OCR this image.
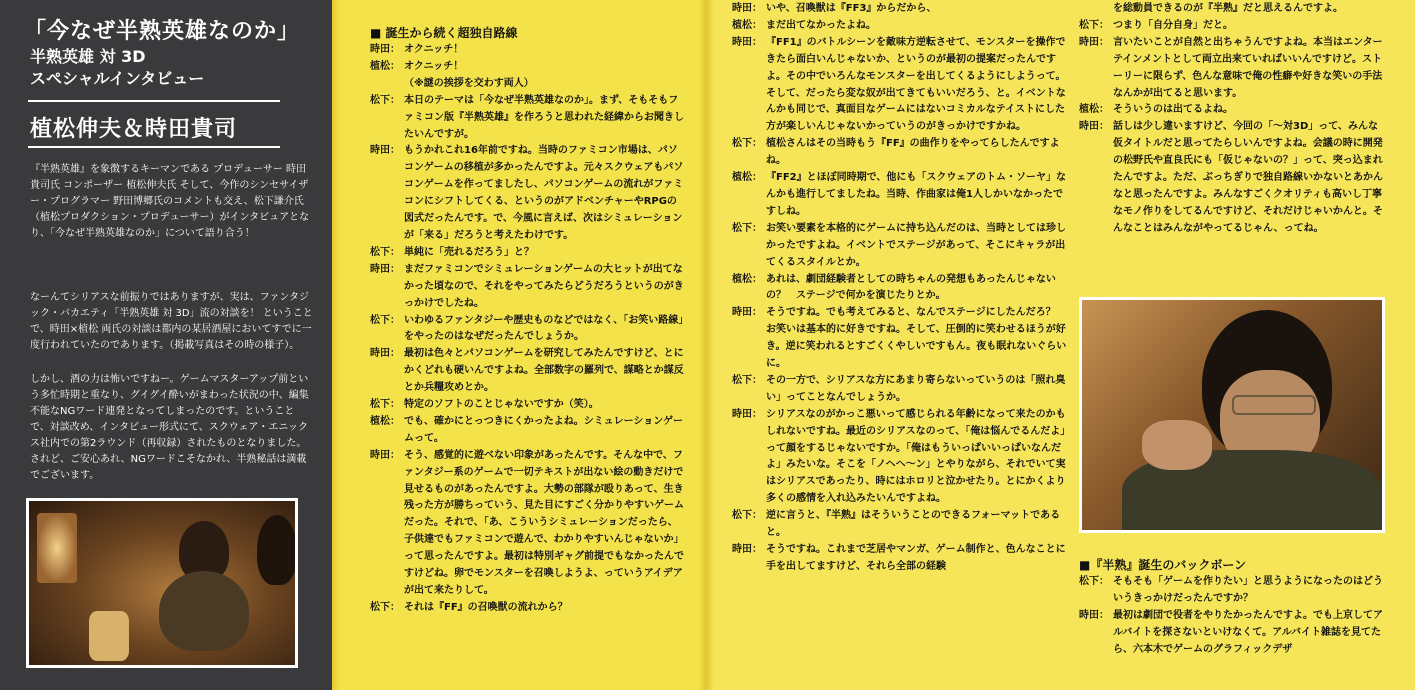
「今なぜ半熟英雄なのか」
半熟英雄 対 3D
スペシャルインタビュー
植松伸夫＆時田貴司

『半熟英雄』を象徴するキーマンである プロデューサー 時田貴司氏 コンポーザー 植松伸夫氏 そして、今作のシンセサイザー・プログラマー 野田博郷氏のコメントも交え、松下謙介氏（植松プロダクション・プロデューサー）がインタビュアとなり、「今なぜ半熟英雄なのか」について語り合う！

なーんてシリアスな前振りではありますが、実は、ファンタジック・バカエティ「半熟英雄 対 3D」流の対談を！ ということで、時田×植松 両氏の対談は都内の某居酒屋においてすでに一度行われていたのであります。（掲載写真はその時の様子）。

しかし、酒の力は怖いですねー。ゲームマスターアップ前という多忙時期と重なり、グイグイ酔いがまわった状況の中、編集不能なNGワード連発となってしまったのです。ということで、対談改め、インタビュー形式にて、スクウェア・エニックス社内での第2ラウンド（再収録）されたものとなりました。されど、ご安心あれ、NGワードこそなかれ、半熟秘話は満載でございます。

■ 誕生から続く超独自路線

時田： オクニッチ！
植松： オクニッチ！
（※謎の挨拶を交わす両人）
松下： 本日のテーマは「今なぜ半熟英雄なのか」。まず、そもそもファミコン版『半熟英雄』を作ろうと思われた経緯からお聞きしたいんですが。
時田： もうかれこれ16年前ですね。当時のファミコン市場は、パソコンゲームの移植が多かったんですよ。元々スクウェアもパソコンゲームを作ってましたし、パソコンゲームの流れがファミコンにシフトしてくる、というのがアドベンチャーやRPGの図式だったんです。で、今風に言えば、次はシミュレーションが「来る」だろうと考えたわけです。
松下： 単純に「売れるだろう」と？
時田： まだファミコンでシミュレーションゲームの大ヒットが出てなかった頃なので、それをやってみたらどうだろうというのがきっかけでしたね。
松下： いわゆるファンタジーや歴史ものなどではなく、「お笑い路線」をやったのはなぜだったんでしょうか。
時田： 最初は色々とパソコンゲームを研究してみたんですけど、とにかくどれも硬いんですよね。全部数字の羅列で、謀略とか謀反とか兵糧攻めとか。
松下： 特定のソフトのことじゃないですか（笑）。
植松： でも、確かにとっつきにくかったよね。シミュレーションゲームって。
時田： そう、感覚的に遊べない印象があったんです。そんな中で、ファンタジー系のゲームで一切テキストが出ない絵の動きだけで見せるものがあったんですよ。大勢の部隊が殴りあって、生き残った方が勝ちっていう、見た目にすごく分かりやすいゲームだった。それで、「あ、こういうシミュレーションだったら、子供達でもファミコンで遊んで、わかりやすいんじゃないか」って思ったんですよ。最初は特別ギャグ前提でもなかったんですけどね。卵でモンスターを召喚しようよ、っていうアイデアが出て来たりして。
松下： それは『FF』の召喚獣の流れから？
時田： いや、召喚獣は『FF3』からだから、
植松： まだ出てなかったよね。
時田： 『FF1』のバトルシーンを敵味方逆転させて、モンスターを操作できたら面白いんじゃないか、というのが最初の提案だったんですよ。その中でいろんなモンスターを出してくるようにしようって。そして、だったら変な奴が出てきてもいいだろう、と。イベントなんかも同じで、真面目なゲームにはないコミカルなテイストにした方が楽しいんじゃないかっていうのがきっかけですかね。
松下： 植松さんはその当時もう『FF』の曲作りをやってらしたんですよね。
植松： 『FF2』とほぼ同時期で、他にも「スクウェアのトム・ソーヤ」なんかも進行してましたね。当時、作曲家は俺1人しかいなかったですしね。
松下： お笑い要素を本格的にゲームに持ち込んだのは、当時としては珍しかったですよね。イベントでステージがあって、そこにキャラが出てくるスタイルとか。
植松： あれは、劇団経験者としての時ちゃんの発想もあったんじゃないの？　ステージで何かを演じたりとか。
時田： そうですね。でも考えてみると、なんでステージにしたんだろ？　お笑いは基本的に好きですね。そして、圧倒的に笑わせるほうが好き。逆に笑われるとすごくくやしいですもん。夜も眠れないぐらいに。
松下： その一方で、シリアスな方にあまり寄らないっていうのは「照れ臭い」ってことなんでしょうか。
時田： シリアスなのがかっこ悪いって感じられる年齢になって来たのかもしれないですね。最近のシリアスなのって、「俺は悩んでるんだよ」って顔をするじゃないですか。「俺はもういっぱいいっぱいなんだよ」みたいな。そこを「ノヘヘ〜ン」とやりながら、それでいて実はシリアスであったり、時にはホロリと泣かせたり。とにかくより多くの感情を入れ込みたいんですよね。
松下： 逆に言うと、『半熟』はそういうことのできるフォーマットであると。
時田： そうですね。これまで芝居やマンガ、ゲーム制作と、色んなことに手を出してますけど、それら全部の経験
を総動員できるのが『半熟』だと思えるんですよ。
松下： つまり「自分自身」だと。
時田： 言いたいことが自然と出ちゃうんですよね。本当はエンターテインメントとして両立出来ていればいいんですけど。ストーリーに限らず、色んな意味で俺の性癖や好きな笑いの手法なんかが出てると思います。
植松： そういうのは出てるよね。
時田： 話しは少し違いますけど、今回の「〜対3D」って、みんな仮タイトルだと思ってたらしいんですよね。会議の時に開発の松野氏や直良氏にも「仮じゃないの？」って、突っ込まれたんですよ。ただ、ぶっちぎりで独自路線いかないとあかんなと思ったんですよ。みんなすごくクオリティも高いし丁寧なモノ作りをしてるんですけど、それだけじゃいかんと。そんなことはみんながやってるじゃん、ってね。

■『半熟』誕生のバックボーン

松下： そもそも「ゲームを作りたい」と思うようになったのはどういうきっかけだったんですか？
時田： 最初は劇団で役者をやりたかったんですよ。でも上京してアルバイトを探さないといけなくて。アルバイト雑誌を見てたら、六本木でゲームのグラフィックデザ
